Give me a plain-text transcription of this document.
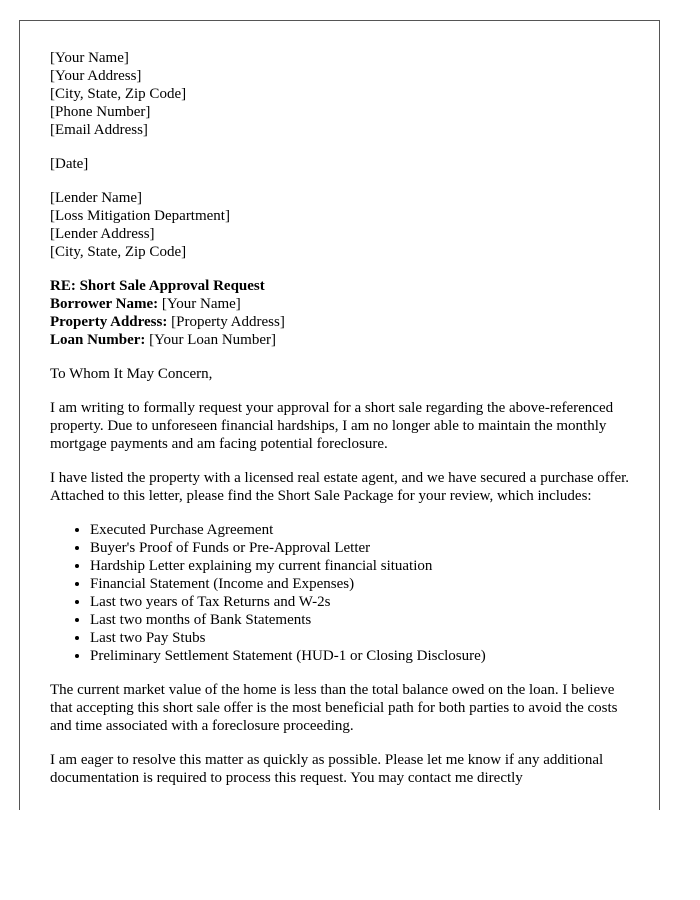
[Your Name]
[Your Address]
[City, State, Zip Code]
[Phone Number]
[Email Address]
[Date]
[Lender Name]
[Loss Mitigation Department]
[Lender Address]
[City, State, Zip Code]
RE: Short Sale Approval Request
Borrower Name: [Your Name]
Property Address: [Property Address]
Loan Number: [Your Loan Number]

To Whom It May Concern,

I am writing to formally request your approval for a short sale regarding the above-referenced property. Due to unforeseen financial hardships, I am no longer able to maintain the monthly mortgage payments and am facing potential foreclosure.

I have listed the property with a licensed real estate agent, and we have secured a purchase offer. Attached to this letter, please find the Short Sale Package for your review, which includes:

• Executed Purchase Agreement
• Buyer's Proof of Funds or Pre-Approval Letter
• Hardship Letter explaining my current financial situation
• Financial Statement (Income and Expenses)
• Last two years of Tax Returns and W-2s
• Last two months of Bank Statements
• Last two Pay Stubs
• Preliminary Settlement Statement (HUD-1 or Closing Disclosure)

The current market value of the home is less than the total balance owed on the loan. I believe that accepting this short sale offer is the most beneficial path for both parties to avoid the costs and time associated with a foreclosure proceeding.

I am eager to resolve this matter as quickly as possible. Please let me know if any additional documentation is required to process this request. You may contact me directly
